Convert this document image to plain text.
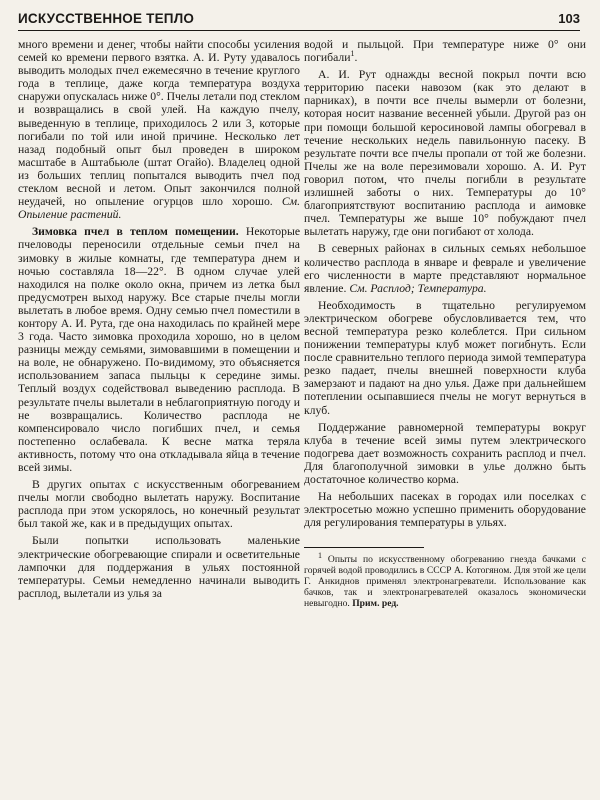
ИСКУССТВЕННОЕ ТЕПЛО	103

много времени и денег, чтобы найти способы усиления семей ко времени первого взятка. А. И. Руту удавалось выводить молодых пчел ежемесячно в течение круглого года в теплице, даже когда температура воздуха снаружи опускалась ниже 0°. Пчелы летали под стеклом и возвращались в свой улей. На каждую пчелу, выведенную в теплице, приходилось 2 или 3, которые погибали по той или иной причине. Несколько лет назад подобный опыт был проведен в широком масштабе в Аштабьюле (штат Огайо). Владелец одной из больших теплиц попытался выводить пчел под стеклом весной и летом. Опыт закончился полной неудачей, но опыление огурцов шло хорошо. См. Опыление растений.

Зимовка пчел в теплом помещении. Некоторые пчеловоды переносили отдельные семьи пчел на зимовку в жилые комнаты, где температура днем и ночью составляла 18—22°. В одном случае улей находился на полке около окна, причем из летка был предусмотрен выход наружу. Все старые пчелы могли вылетать в любое время. Одну семью пчел поместили в контору А. И. Рута, где она находилась по крайней мере 3 года. Часто зимовка проходила хорошо, но в целом разницы между семьями, зимовавшими в помещении и на воле, не обнаружено. По-видимому, это объясняется использованием запаса пыльцы к середине зимы. Теплый воздух содействовал выведению расплода. В результате пчелы вылетали в неблагоприятную погоду и не возвращались. Количество расплода не компенсировало число погибших пчел, и семья постепенно ослабевала. К весне матка теряла активность, потому что она откладывала яйца в течение всей зимы.

В других опытах с искусственным обогреванием пчелы могли свободно вылетать наружу. Воспитание расплода при этом ускорялось, но конечный результат был такой же, как и в предыдущих опытах.

Были попытки использовать маленькие электрические обогревающие спирали и осветительные лампочки для поддержания в ульях постоянной температуры. Семьи немедленно начинали выводить расплод, вылетали из улья за

водой и пыльцой. При температуре ниже 0° они погибали$^1$.

А. И. Рут однажды весной покрыл почти всю территорию пасеки навозом (как это делают в парниках), в почти все пчелы вымерли от болезни, которая носит название весенней убыли. Другой раз он при помощи большой керосиновой лампы обогревал в течение нескольких недель павильонную пасеку. В результате почти все пчелы пропали от той же болезни. Пчелы же на воле перезимовали хорошо. А. И. Рут говорил потом, что пчелы погибли в результате излишней заботы о них. Температуры до 10° благоприятствуют воспитанию расплода и аимовке пчел. Температуры же выше 10° побуждают пчел вылетать наружу, где они погибают от холода.

В северных районах в сильных семьях небольшое количество расплода в январе и феврале и увеличение его численности в марте представляют нормальное явление. См. Расплод; Температура.

Необходимость в тщательно регулируемом электрическом обогреве обусловливается тем, что весной температура резко колеблется. При сильном понижении температуры клуб может погибнуть. Если после сравнительно теплого периода зимой температура резко падает, пчелы внешней поверхности клуба замерзают и падают на дно улья. Даже при дальнейшем потеплении осыпавшиеся пчелы не могут вернуться в клуб.

Поддержание равномерной температуры вокруг клуба в течение всей зимы путем электрического подогрева дает возможность сохранить расплод и пчел. Для благополучной зимовки в улье должно быть достаточное количество корма.

На небольших пасеках в городах или поселках с электросетью можно успешно применить оборудование для регулирования температуры в ульях.

$^1$ Опыты по искусственному обогреванию гнезда бачками с горячей водой проводились в СССР А. Котогяном. Для этой же цели Г. Анкиднов применял электронагреватели. Использование как бачков, так и электронагревателей оказалось экономически невыгодно. Прим. ред.
